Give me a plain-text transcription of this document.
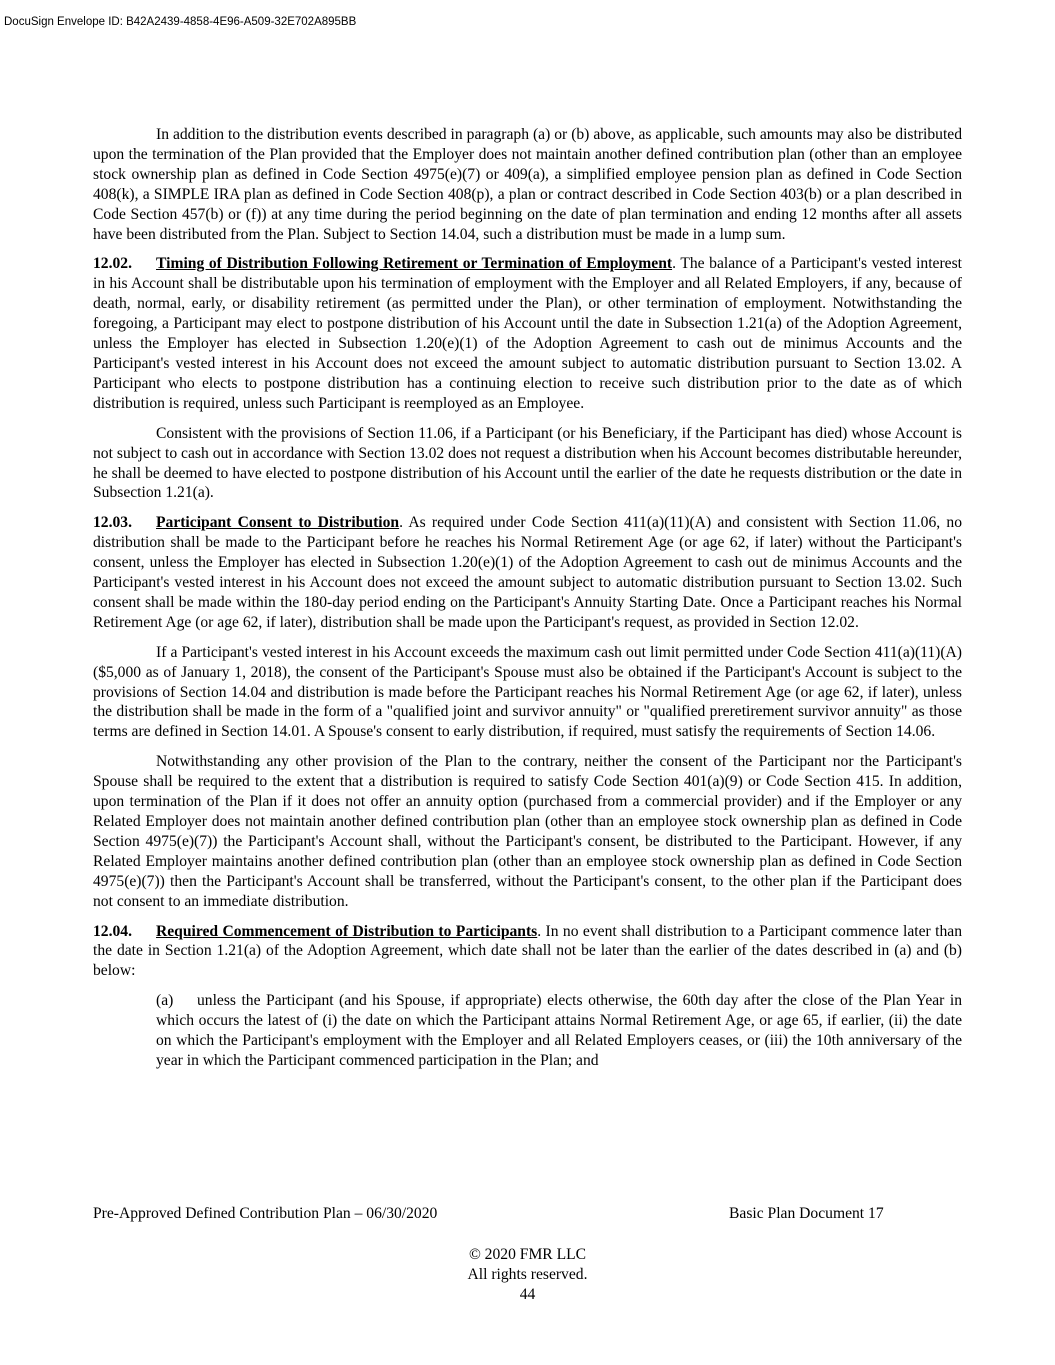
DocuSign Envelope ID: B42A2439-4858-4E96-A509-32E702A895BB

In addition to the distribution events described in paragraph (a) or (b) above, as applicable, such amounts may also be distributed upon the termination of the Plan provided that the Employer does not maintain another defined contribution plan (other than an employee stock ownership plan as defined in Code Section 4975(e)(7) or 409(a), a simplified employee pension plan as defined in Code Section 408(k), a SIMPLE IRA plan as defined in Code Section 408(p), a plan or contract described in Code Section 403(b) or a plan described in Code Section 457(b) or (f)) at any time during the period beginning on the date of plan termination and ending 12 months after all assets have been distributed from the Plan. Subject to Section 14.04, such a distribution must be made in a lump sum.

12.02. Timing of Distribution Following Retirement or Termination of Employment. The balance of a Participant's vested interest in his Account shall be distributable upon his termination of employment with the Employer and all Related Employers, if any, because of death, normal, early, or disability retirement (as permitted under the Plan), or other termination of employment. Notwithstanding the foregoing, a Participant may elect to postpone distribution of his Account until the date in Subsection 1.21(a) of the Adoption Agreement, unless the Employer has elected in Subsection 1.20(e)(1) of the Adoption Agreement to cash out de minimus Accounts and the Participant's vested interest in his Account does not exceed the amount subject to automatic distribution pursuant to Section 13.02. A Participant who elects to postpone distribution has a continuing election to receive such distribution prior to the date as of which distribution is required, unless such Participant is reemployed as an Employee.

Consistent with the provisions of Section 11.06, if a Participant (or his Beneficiary, if the Participant has died) whose Account is not subject to cash out in accordance with Section 13.02 does not request a distribution when his Account becomes distributable hereunder, he shall be deemed to have elected to postpone distribution of his Account until the earlier of the date he requests distribution or the date in Subsection 1.21(a).

12.03. Participant Consent to Distribution. As required under Code Section 411(a)(11)(A) and consistent with Section 11.06, no distribution shall be made to the Participant before he reaches his Normal Retirement Age (or age 62, if later) without the Participant's consent, unless the Employer has elected in Subsection 1.20(e)(1) of the Adoption Agreement to cash out de minimus Accounts and the Participant's vested interest in his Account does not exceed the amount subject to automatic distribution pursuant to Section 13.02. Such consent shall be made within the 180-day period ending on the Participant's Annuity Starting Date. Once a Participant reaches his Normal Retirement Age (or age 62, if later), distribution shall be made upon the Participant's request, as provided in Section 12.02.

If a Participant's vested interest in his Account exceeds the maximum cash out limit permitted under Code Section 411(a)(11)(A) ($5,000 as of January 1, 2018), the consent of the Participant's Spouse must also be obtained if the Participant's Account is subject to the provisions of Section 14.04 and distribution is made before the Participant reaches his Normal Retirement Age (or age 62, if later), unless the distribution shall be made in the form of a "qualified joint and survivor annuity" or "qualified preretirement survivor annuity" as those terms are defined in Section 14.01. A Spouse's consent to early distribution, if required, must satisfy the requirements of Section 14.06.

Notwithstanding any other provision of the Plan to the contrary, neither the consent of the Participant nor the Participant's Spouse shall be required to the extent that a distribution is required to satisfy Code Section 401(a)(9) or Code Section 415. In addition, upon termination of the Plan if it does not offer an annuity option (purchased from a commercial provider) and if the Employer or any Related Employer does not maintain another defined contribution plan (other than an employee stock ownership plan as defined in Code Section 4975(e)(7)) the Participant's Account shall, without the Participant's consent, be distributed to the Participant. However, if any Related Employer maintains another defined contribution plan (other than an employee stock ownership plan as defined in Code Section 4975(e)(7)) then the Participant's Account shall be transferred, without the Participant's consent, to the other plan if the Participant does not consent to an immediate distribution.

12.04. Required Commencement of Distribution to Participants. In no event shall distribution to a Participant commence later than the date in Section 1.21(a) of the Adoption Agreement, which date shall not be later than the earlier of the dates described in (a) and (b) below:

(a) unless the Participant (and his Spouse, if appropriate) elects otherwise, the 60th day after the close of the Plan Year in which occurs the latest of (i) the date on which the Participant attains Normal Retirement Age, or age 65, if earlier, (ii) the date on which the Participant's employment with the Employer and all Related Employers ceases, or (iii) the 10th anniversary of the year in which the Participant commenced participation in the Plan; and

Pre-Approved Defined Contribution Plan – 06/30/2020	Basic Plan Document 17
© 2020 FMR LLC
All rights reserved.
44
